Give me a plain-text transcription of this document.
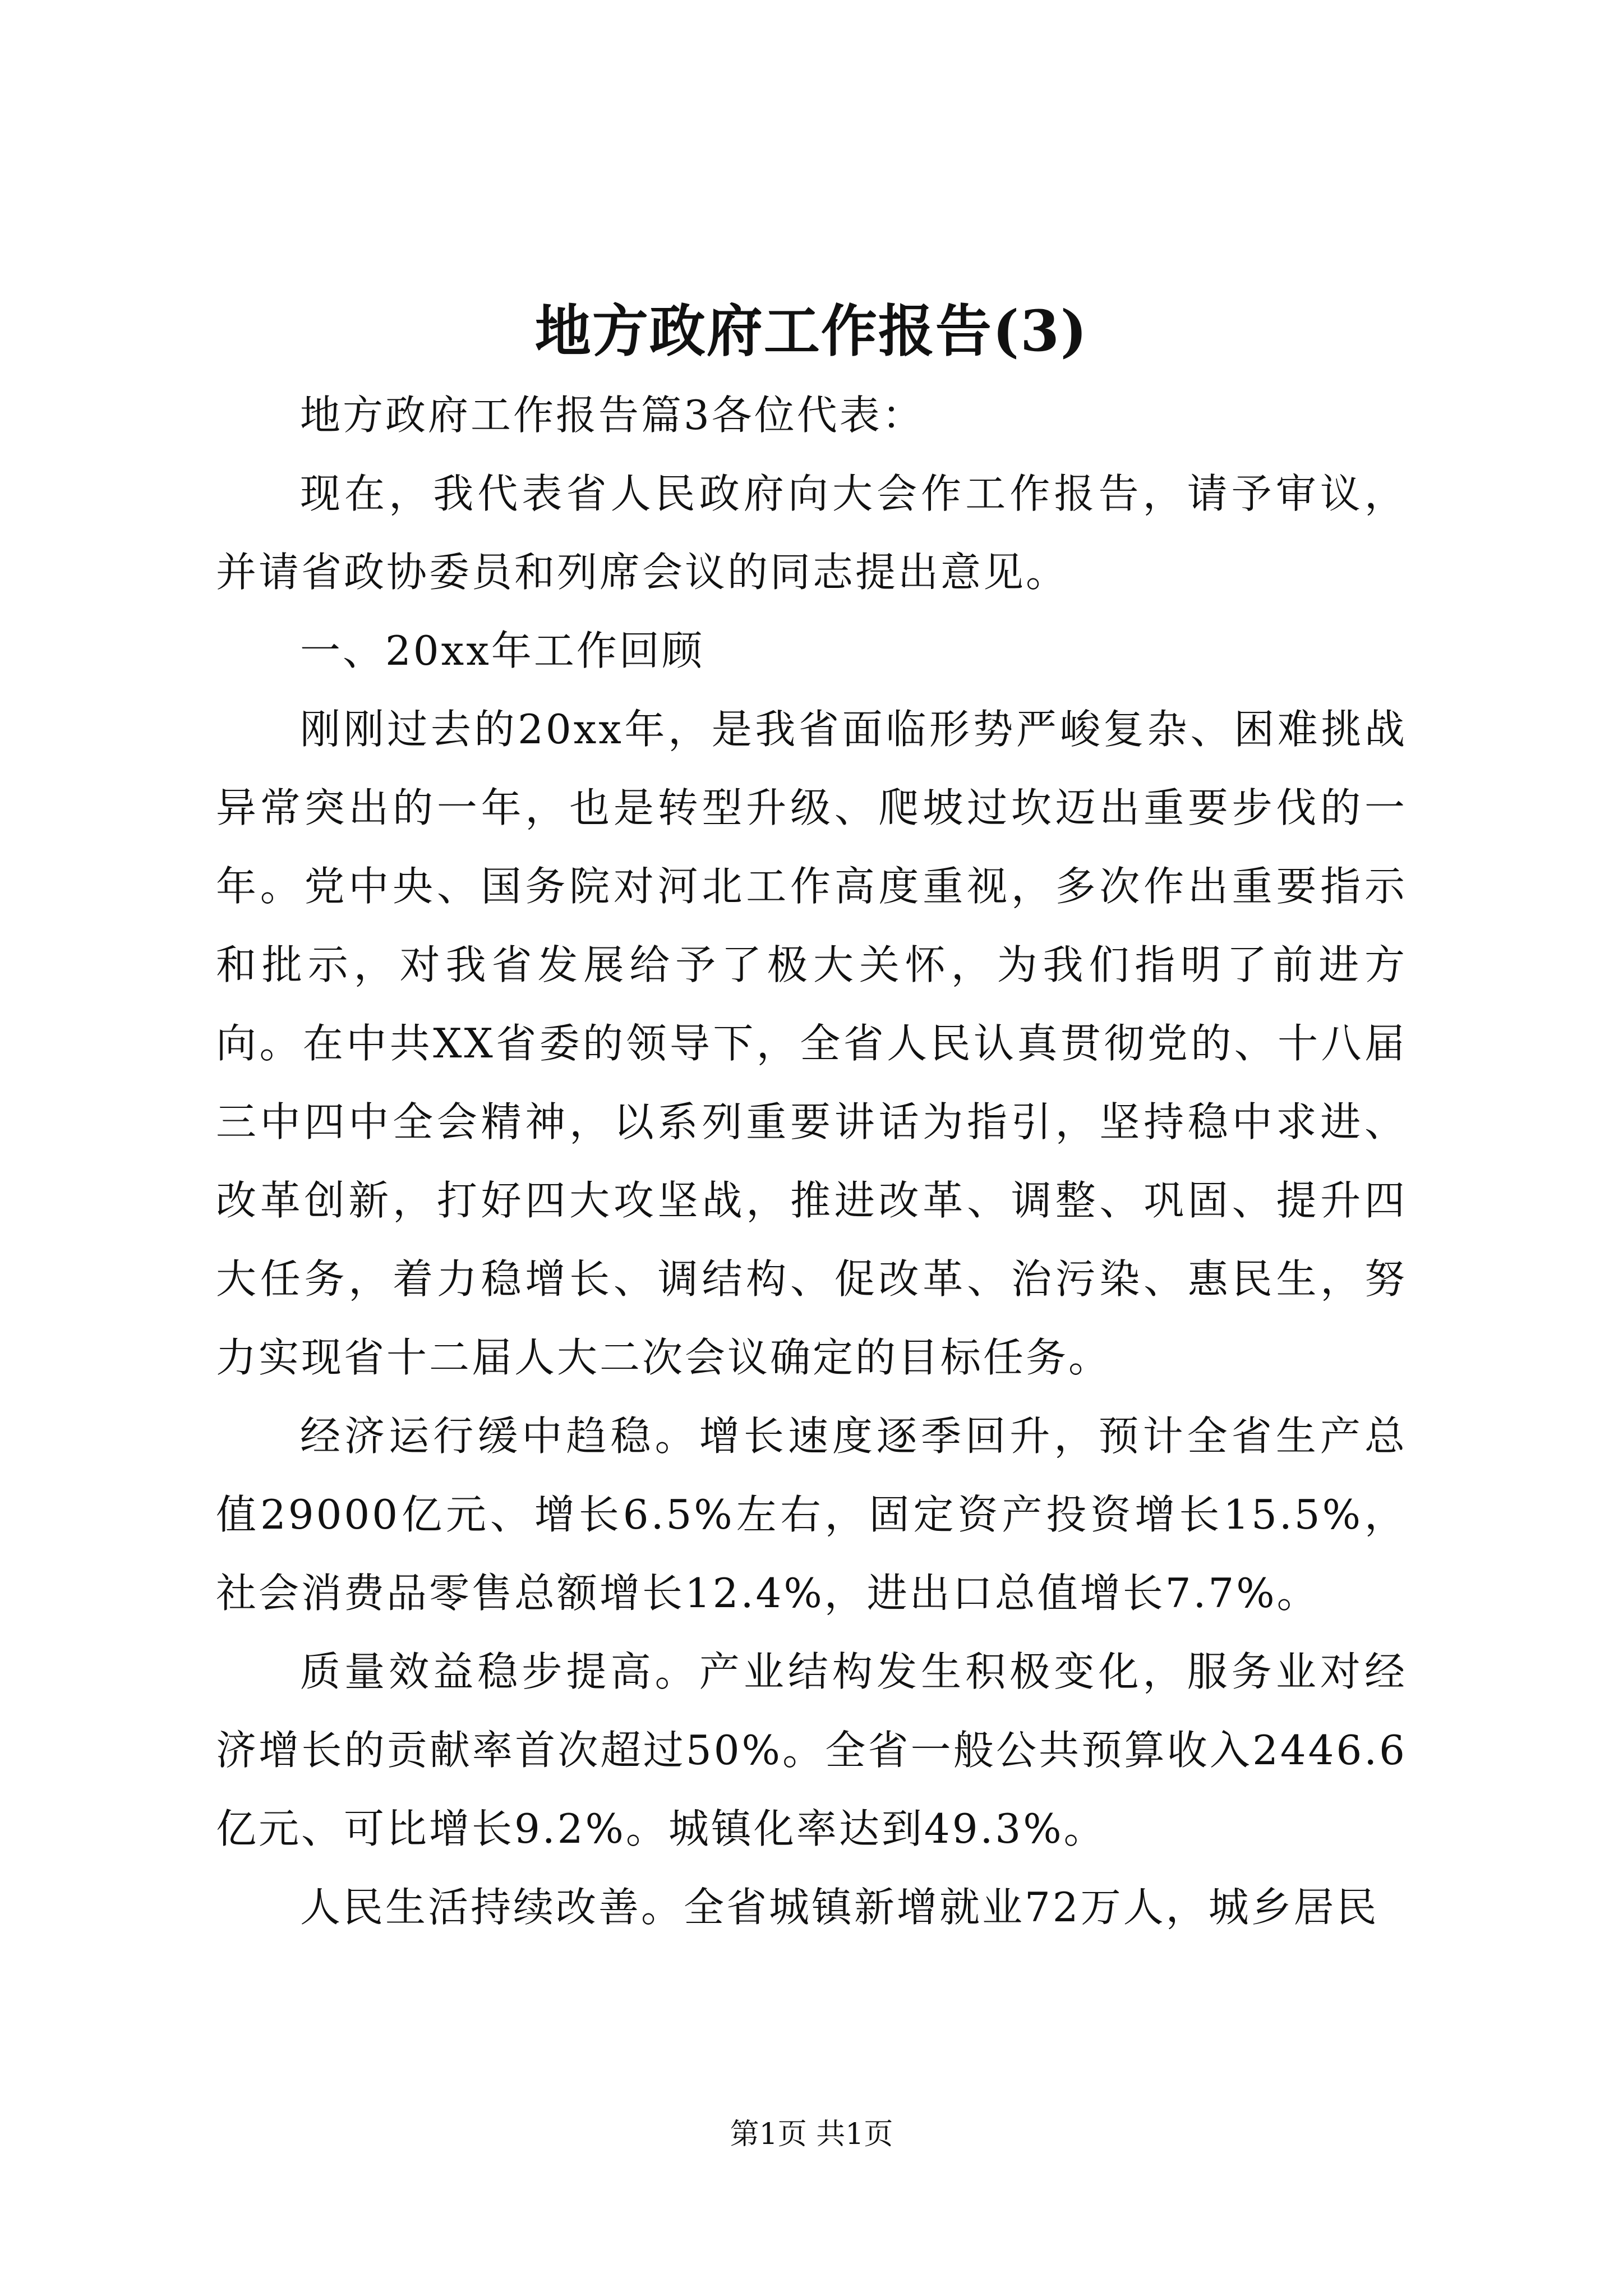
地方政府工作报告(3)

地方政府工作报告篇3各位代表：

现在，我代表省人民政府向大会作工作报告，请予审议，并请省政协委员和列席会议的同志提出意见。

一、20xx年工作回顾

刚刚过去的20xx年，是我省面临形势严峻复杂、困难挑战异常突出的一年，也是转型升级、爬坡过坎迈出重要步伐的一年。党中央、国务院对河北工作高度重视，多次作出重要指示和批示，对我省发展给予了极大关怀，为我们指明了前进方向。在中共XX省委的领导下，全省人民认真贯彻党的、十八届三中四中全会精神，以系列重要讲话为指引，坚持稳中求进、改革创新，打好四大攻坚战，推进改革、调整、巩固、提升四大任务，着力稳增长、调结构、促改革、治污染、惠民生，努力实现省十二届人大二次会议确定的目标任务。

经济运行缓中趋稳。增长速度逐季回升，预计全省生产总值29000亿元、增长6.5%左右，固定资产投资增长15.5%，社会消费品零售总额增长12.4%，进出口总值增长7.7%。

质量效益稳步提高。产业结构发生积极变化，服务业对经济增长的贡献率首次超过50%。全省一般公共预算收入2446.6亿元、可比增长9.2%。城镇化率达到49.3%。

人民生活持续改善。全省城镇新增就业72万人，城乡居民

第1页 共1页
